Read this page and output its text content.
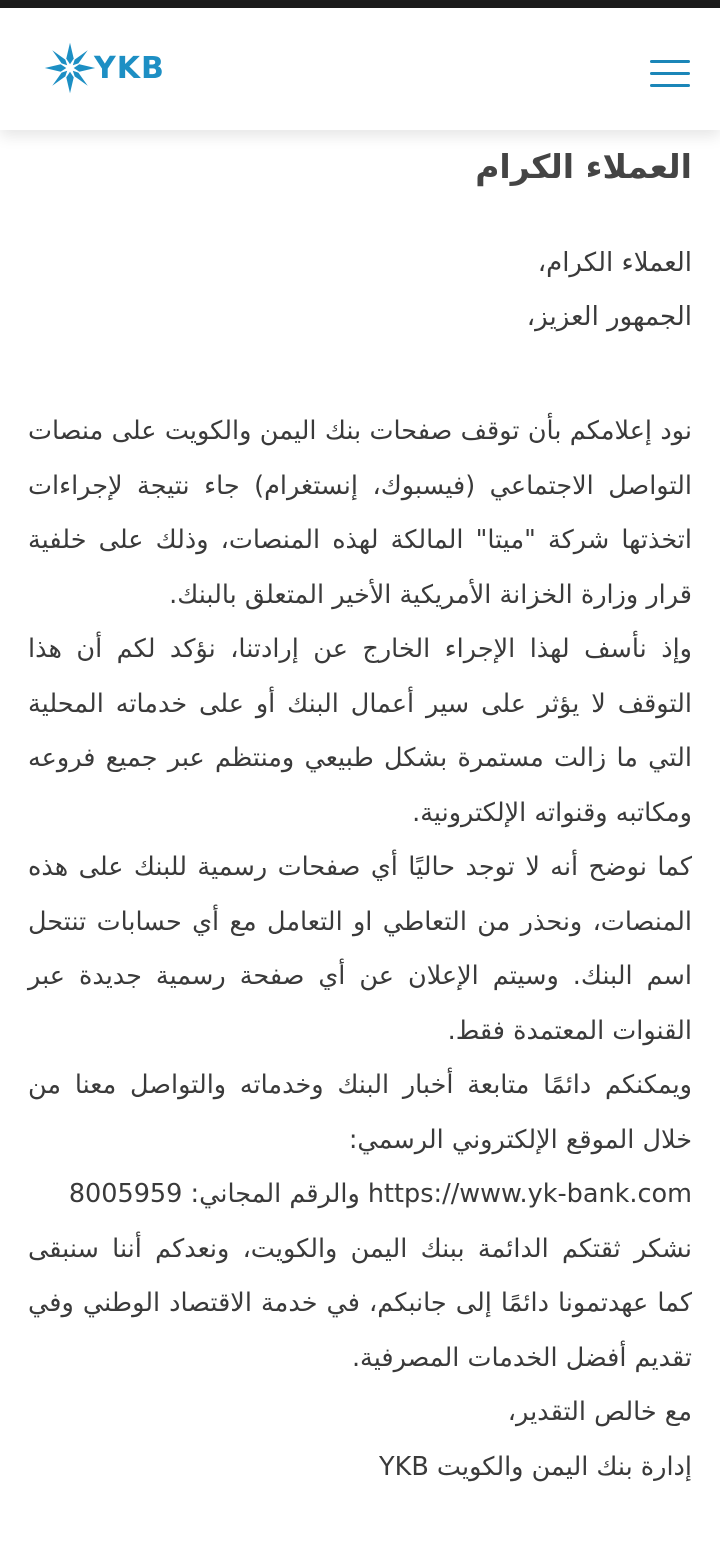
YKB
العملاء الكرام
العملاء الكرام،
الجمهور العزيز،

نود إعلامكم بأن توقف صفحات بنك اليمن والكويت على منصات التواصل الاجتماعي (فيسبوك، إنستغرام) جاء نتيجة لإجراءات اتخذتها شركة "ميتا" المالكة لهذه المنصات، وذلك على خلفية قرار وزارة الخزانة الأمريكية الأخير المتعلق بالبنك.

وإذ نأسف لهذا الإجراء الخارج عن إرادتنا، نؤكد لكم أن هذا التوقف لا يؤثر على سير أعمال البنك أو على خدماته المحلية التي ما زالت مستمرة بشكل طبيعي ومنتظم عبر جميع فروعه ومكاتبه وقنواته الإلكترونية.

كما نوضح أنه لا توجد حاليًا أي صفحات رسمية للبنك على هذه المنصات، ونحذر من التعاطي او التعامل مع أي حسابات تنتحل اسم البنك. وسيتم الإعلان عن أي صفحة رسمية جديدة عبر القنوات المعتمدة فقط.

ويمكنكم دائمًا متابعة أخبار البنك وخدماته والتواصل معنا من خلال الموقع الإلكتروني الرسمي:

https://www.yk-bank.com والرقم المجاني: 8005959

نشكر ثقتكم الدائمة ببنك اليمن والكويت، ونعدكم أننا سنبقى كما عهدتمونا دائمًا إلى جانبكم، في خدمة الاقتصاد الوطني وفي تقديم أفضل الخدمات المصرفية.

مع خالص التقدير،
إدارة بنك اليمن والكويت YKB
